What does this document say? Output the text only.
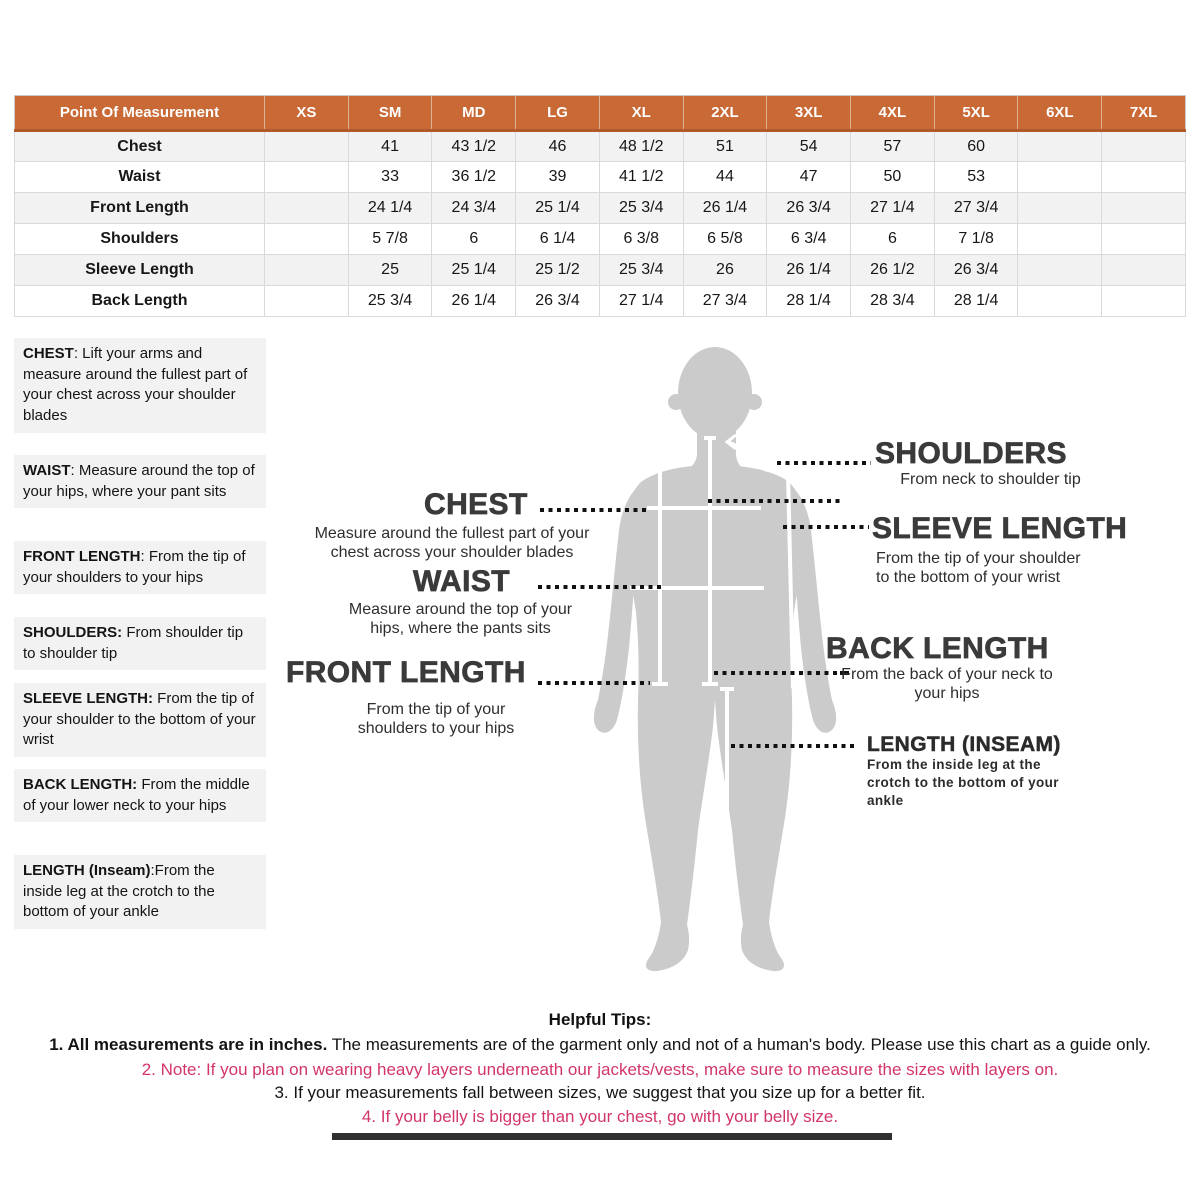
Point Of Measurement	XS	SM	MD	LG	XL	2XL	3XL	4XL	5XL	6XL	7XL
Chest		41	43 1/2	46	48 1/2	51	54	57	60		
Waist		33	36 1/2	39	41 1/2	44	47	50	53		
Front Length		24 1/4	24 3/4	25 1/4	25 3/4	26 1/4	26 3/4	27 1/4	27 3/4		
Shoulders		5 7/8	6	6 1/4	6 3/8	6 5/8	6 3/4	6	7 1/8		
Sleeve Length		25	25 1/4	25 1/2	25 3/4	26	26 1/4	26 1/2	26 3/4		
Back Length		25 3/4	26 1/4	26 3/4	27 1/4	27 3/4	28 1/4	28 3/4	28 1/4		
CHEST: Lift your arms and measure around the fullest part of your chest across your shoulder blades
WAIST: Measure around the top of your hips, where your pant sits
FRONT LENGTH: From the tip of your shoulders to your hips
SHOULDERS: From shoulder tip to shoulder tip
SLEEVE LENGTH: From the tip of your shoulder to the bottom of your wrist
BACK LENGTH: From the middle of your lower neck to your hips
LENGTH (Inseam):From the inside leg at the crotch to the bottom of your ankle
CHEST
Measure around the fullest part of your chest across your shoulder blades
WAIST
Measure around the top of your hips, where the pants sits
FRONT LENGTH
From the tip of your shoulders to your hips
SHOULDERS
From neck to shoulder tip
SLEEVE LENGTH
From the tip of your shoulder to the bottom of your wrist
BACK LENGTH
From the back of your neck to your hips
LENGTH (INSEAM)
From the inside leg at the crotch to the bottom of your ankle
Helpful Tips:
1. All measurements are in inches. The measurements are of the garment only and not of a human's body. Please use this chart as a guide only.
2. Note: If you plan on wearing heavy layers underneath our jackets/vests, make sure to measure the sizes with layers on.
3. If your measurements fall between sizes, we suggest that you size up for a better fit.
4. If your belly is bigger than your chest, go with your belly size.
